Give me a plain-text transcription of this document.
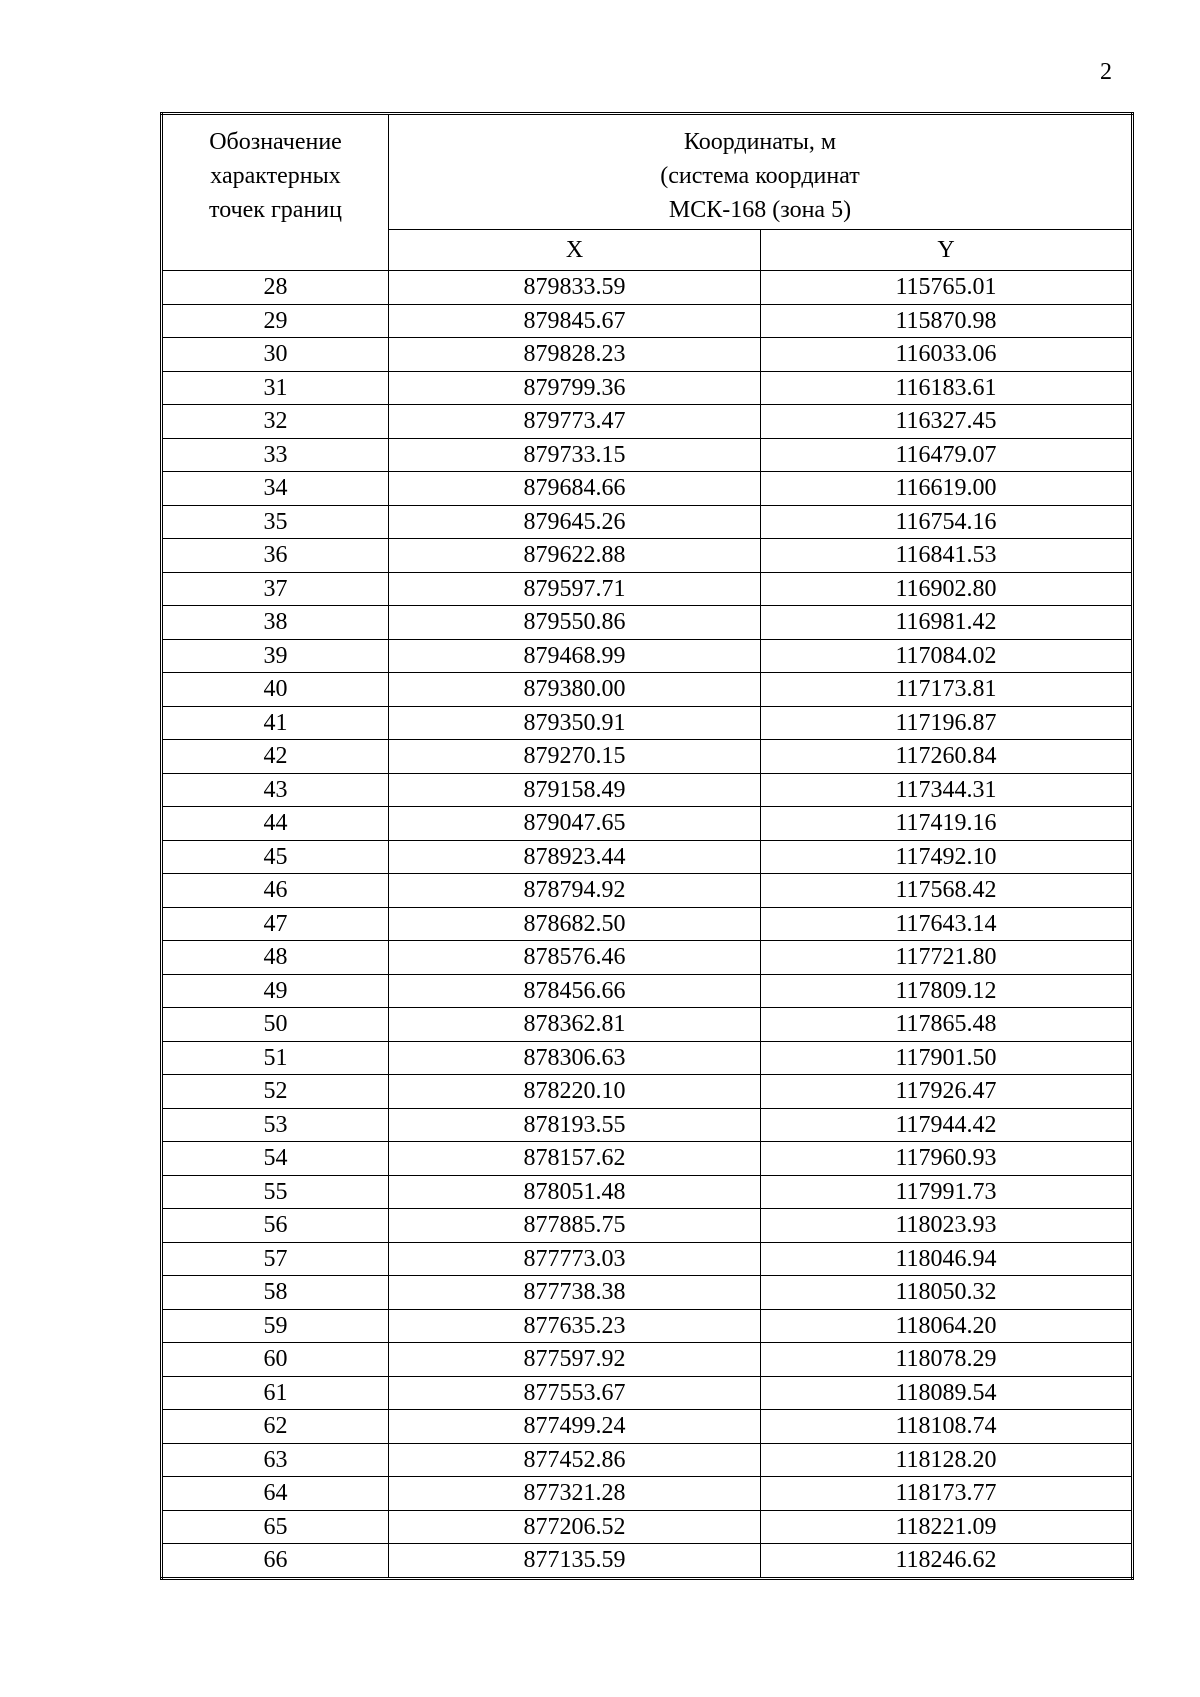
2
Обозначение
характерных
точек границ	Координаты, м
(система координат
МСК-168 (зона 5)	

	X	Y
28	879833.59	115765.01
29	879845.67	115870.98
30	879828.23	116033.06
31	879799.36	116183.61
32	879773.47	116327.45
33	879733.15	116479.07
34	879684.66	116619.00
35	879645.26	116754.16
36	879622.88	116841.53
37	879597.71	116902.80
38	879550.86	116981.42
39	879468.99	117084.02
40	879380.00	117173.81
41	879350.91	117196.87
42	879270.15	117260.84
43	879158.49	117344.31
44	879047.65	117419.16
45	878923.44	117492.10
46	878794.92	117568.42
47	878682.50	117643.14
48	878576.46	117721.80
49	878456.66	117809.12
50	878362.81	117865.48
51	878306.63	117901.50
52	878220.10	117926.47
53	878193.55	117944.42
54	878157.62	117960.93
55	878051.48	117991.73
56	877885.75	118023.93
57	877773.03	118046.94
58	877738.38	118050.32
59	877635.23	118064.20
60	877597.92	118078.29
61	877553.67	118089.54
62	877499.24	118108.74
63	877452.86	118128.20
64	877321.28	118173.77
65	877206.52	118221.09
66	877135.59	118246.62
